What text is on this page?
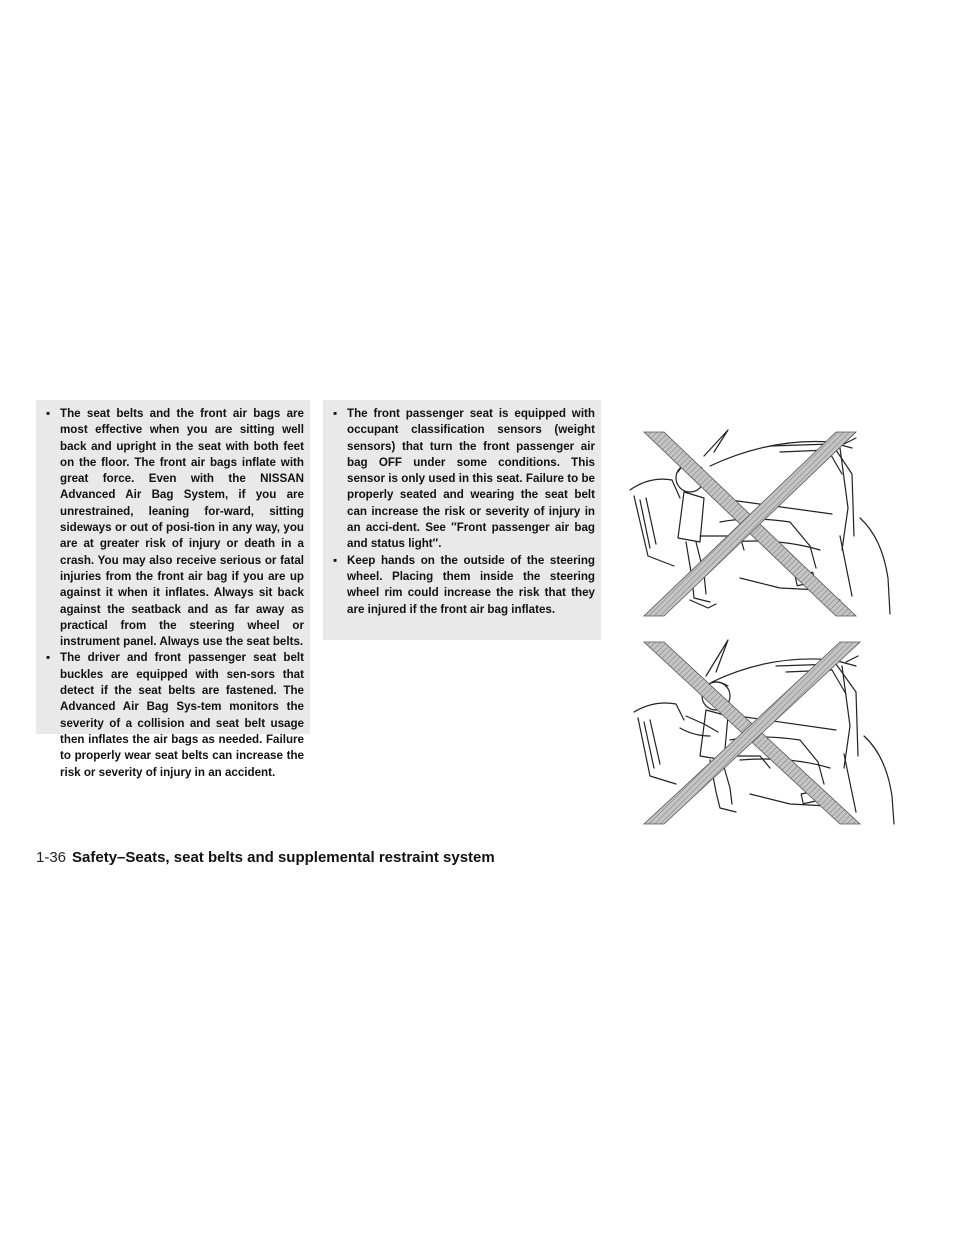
▪ The seat belts and the front air bags are most effective when you are sitting well back and upright in the seat with both feet on the floor. The front air bags inflate with great force. Even with the NISSAN Advanced Air Bag System, if you are unrestrained, leaning for-ward, sitting sideways or out of posi-tion in any way, you are at greater risk of injury or death in a crash. You may also receive serious or fatal injuries from the front air bag if you are up against it when it inflates. Always sit back against the seatback and as far away as practical from the steering wheel or instrument panel. Always use the seat belts.
▪ The driver and front passenger seat belt buckles are equipped with sen-sors that detect if the seat belts are fastened. The Advanced Air Bag Sys-tem monitors the severity of a collision and seat belt usage then inflates the air bags as needed. Failure to properly wear seat belts can increase the risk or severity of injury in an accident.
▪ The front passenger seat is equipped with occupant classification sensors (weight sensors) that turn the front passenger air bag OFF under some conditions. This sensor is only used in this seat. Failure to be properly seated and wearing the seat belt can increase the risk or severity of injury in an acci-dent. See ″Front passenger air bag and status light″.
▪ Keep hands on the outside of the steering wheel. Placing them inside the steering wheel rim could increase the risk that they are injured if the front air bag inflates.
1-36 Safety–Seats, seat belts and supplemental restraint system
